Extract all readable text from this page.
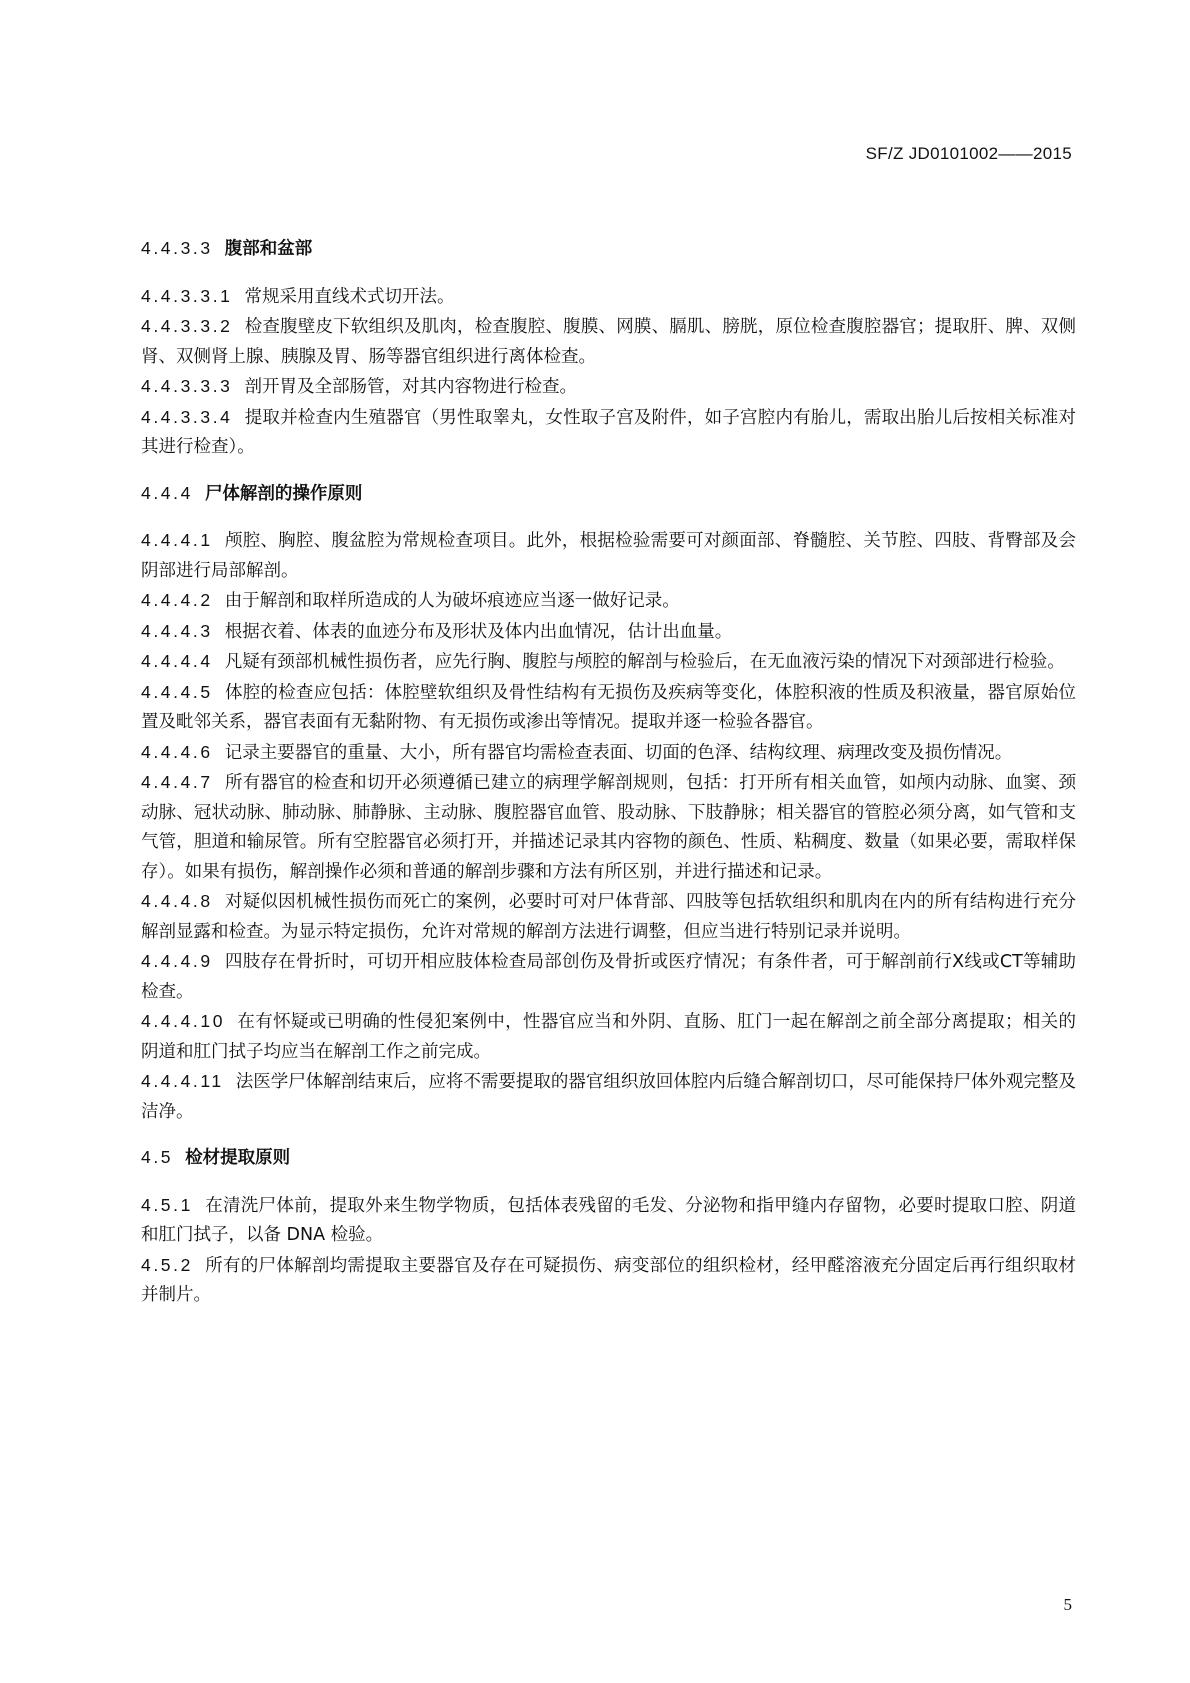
SF/Z JD0101002——2015

4.4.3.3 腹部和盆部

4.4.3.3.1 常规采用直线术式切开法。

4.4.3.3.2 检查腹壁皮下软组织及肌肉，检查腹腔、腹膜、网膜、膈肌、膀胱，原位检查腹腔器官；提取肝、脾、双侧肾、双侧肾上腺、胰腺及胃、肠等器官组织进行离体检查。

4.4.3.3.3 剖开胃及全部肠管，对其内容物进行检查。

4.4.3.3.4 提取并检查内生殖器官（男性取睾丸，女性取子宫及附件，如子宫腔内有胎儿，需取出胎儿后按相关标准对其进行检查）。

4.4.4 尸体解剖的操作原则

4.4.4.1 颅腔、胸腔、腹盆腔为常规检查项目。此外，根据检验需要可对颜面部、脊髓腔、关节腔、四肢、背臀部及会阴部进行局部解剖。

4.4.4.2 由于解剖和取样所造成的人为破坏痕迹应当逐一做好记录。

4.4.4.3 根据衣着、体表的血迹分布及形状及体内出血情况，估计出血量。

4.4.4.4 凡疑有颈部机械性损伤者，应先行胸、腹腔与颅腔的解剖与检验后，在无血液污染的情况下对颈部进行检验。

4.4.4.5 体腔的检查应包括：体腔壁软组织及骨性结构有无损伤及疾病等变化，体腔积液的性质及积液量，器官原始位置及毗邻关系，器官表面有无黏附物、有无损伤或渗出等情况。提取并逐一检验各器官。

4.4.4.6 记录主要器官的重量、大小，所有器官均需检查表面、切面的色泽、结构纹理、病理改变及损伤情况。

4.4.4.7 所有器官的检查和切开必须遵循已建立的病理学解剖规则，包括：打开所有相关血管，如颅内动脉、血窦、颈动脉、冠状动脉、肺动脉、肺静脉、主动脉、腹腔器官血管、股动脉、下肢静脉；相关器官的管腔必须分离，如气管和支气管，胆道和输尿管。所有空腔器官必须打开，并描述记录其内容物的颜色、性质、粘稠度、数量（如果必要，需取样保存）。如果有损伤，解剖操作必须和普通的解剖步骤和方法有所区别，并进行描述和记录。

4.4.4.8 对疑似因机械性损伤而死亡的案例，必要时可对尸体背部、四肢等包括软组织和肌肉在内的所有结构进行充分解剖显露和检查。为显示特定损伤，允许对常规的解剖方法进行调整，但应当进行特别记录并说明。

4.4.4.9 四肢存在骨折时，可切开相应肢体检查局部创伤及骨折或医疗情况；有条件者，可于解剖前行X线或CT等辅助检查。

4.4.4.10 在有怀疑或已明确的性侵犯案例中，性器官应当和外阴、直肠、肛门一起在解剖之前全部分离提取；相关的阴道和肛门拭子均应当在解剖工作之前完成。

4.4.4.11 法医学尸体解剖结束后，应将不需要提取的器官组织放回体腔内后缝合解剖切口，尽可能保持尸体外观完整及洁净。

4.5 检材提取原则

4.5.1 在清洗尸体前，提取外来生物学物质，包括体表残留的毛发、分泌物和指甲缝内存留物，必要时提取口腔、阴道和肛门拭子，以备 DNA 检验。

4.5.2 所有的尸体解剖均需提取主要器官及存在可疑损伤、病变部位的组织检材，经甲醛溶液充分固定后再行组织取材并制片。

5
